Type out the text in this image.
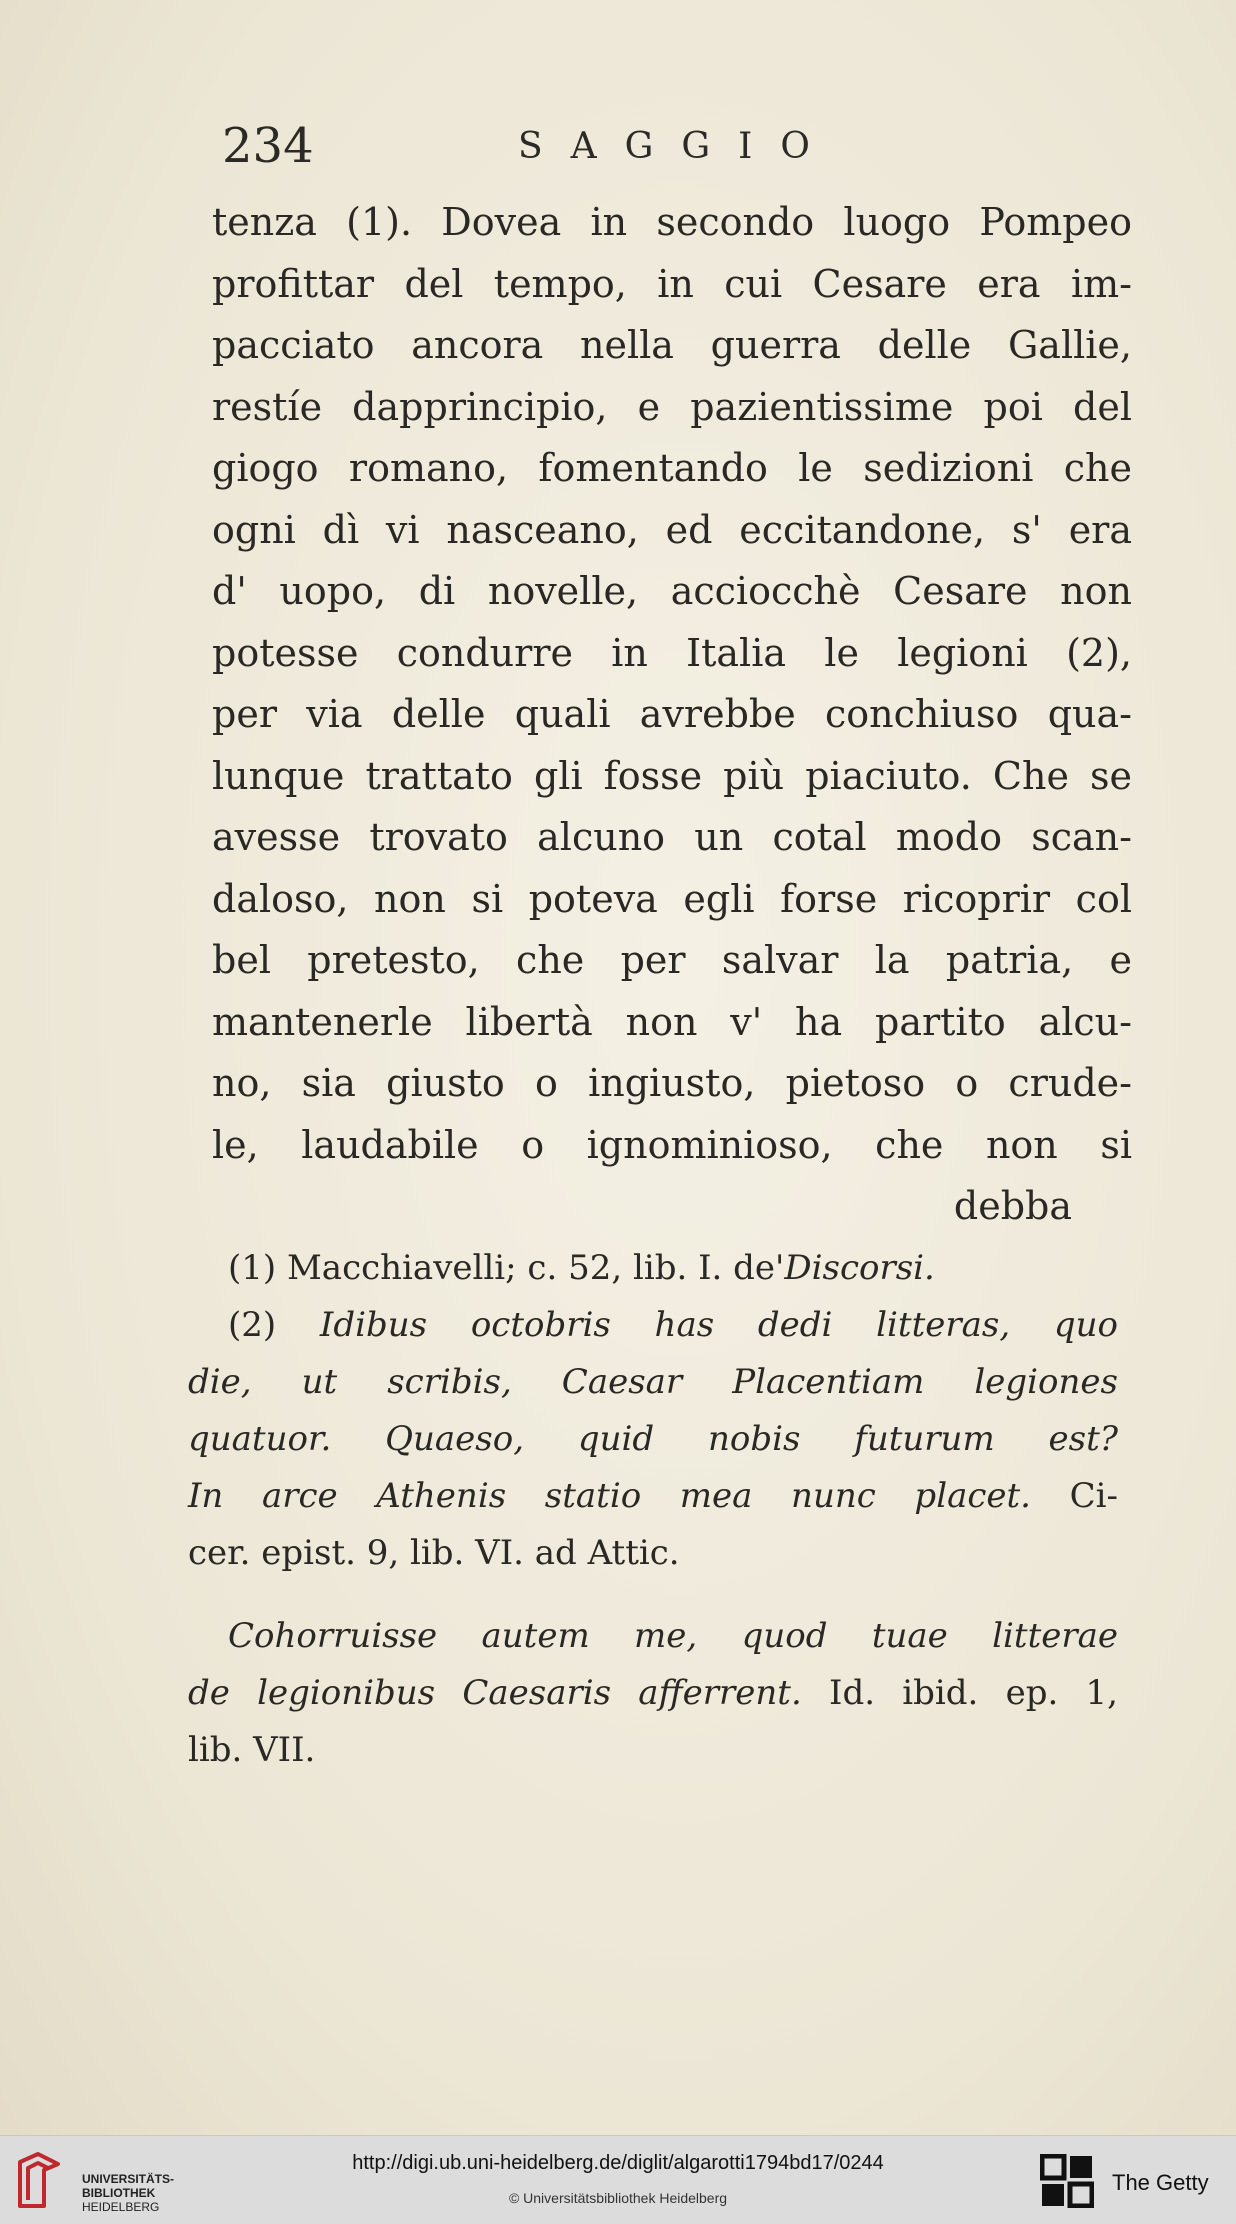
234	SAGGIO
tenza (1). Dovea in secondo luogo Pompeo
profittar del tempo, in cui Cesare era im-
pacciato ancora nella guerra delle Gallie,
restíe dapprincipio, e pazientissime poi del
giogo romano, fomentando le sedizioni che
ogni dì vi nasceano, ed eccitandone, s' era
d' uopo, di novelle, acciocchè Cesare non
potesse condurre in Italia le legioni (2),
per via delle quali avrebbe conchiuso qua-
lunque trattato gli fosse più piaciuto. Che se
avesse trovato alcuno un cotal modo scan-
daloso, non si poteva egli forse ricoprir col
bel pretesto, che per salvar la patria, e
mantenerle libertà non v' ha partito alcu-
no, sia giusto o ingiusto, pietoso o crude-
le, laudabile o ignominioso, che non si
debba
(1) Macchiavelli; c. 52, lib. I. de'Discorsi.
(2) Idibus octobris has dedi litteras, quo
die, ut scribis, Caesar Placentiam legiones
quatuor. Quaeso, quid nobis futurum est?
In arce Athenis statio mea nunc placet. Ci-
cer. epist. 9, lib. VI. ad Attic.
Cohorruisse autem me, quod tuae litterae
de legionibus Caesaris afferrent. Id. ibid. ep. 1,
lib. VII.
UNIVERSITÄTS-
BIBLIOTHEK
HEIDELBERG
http://digi.ub.uni-heidelberg.de/diglit/algarotti1794bd17/0244
© Universitätsbibliothek Heidelberg
The Getty
